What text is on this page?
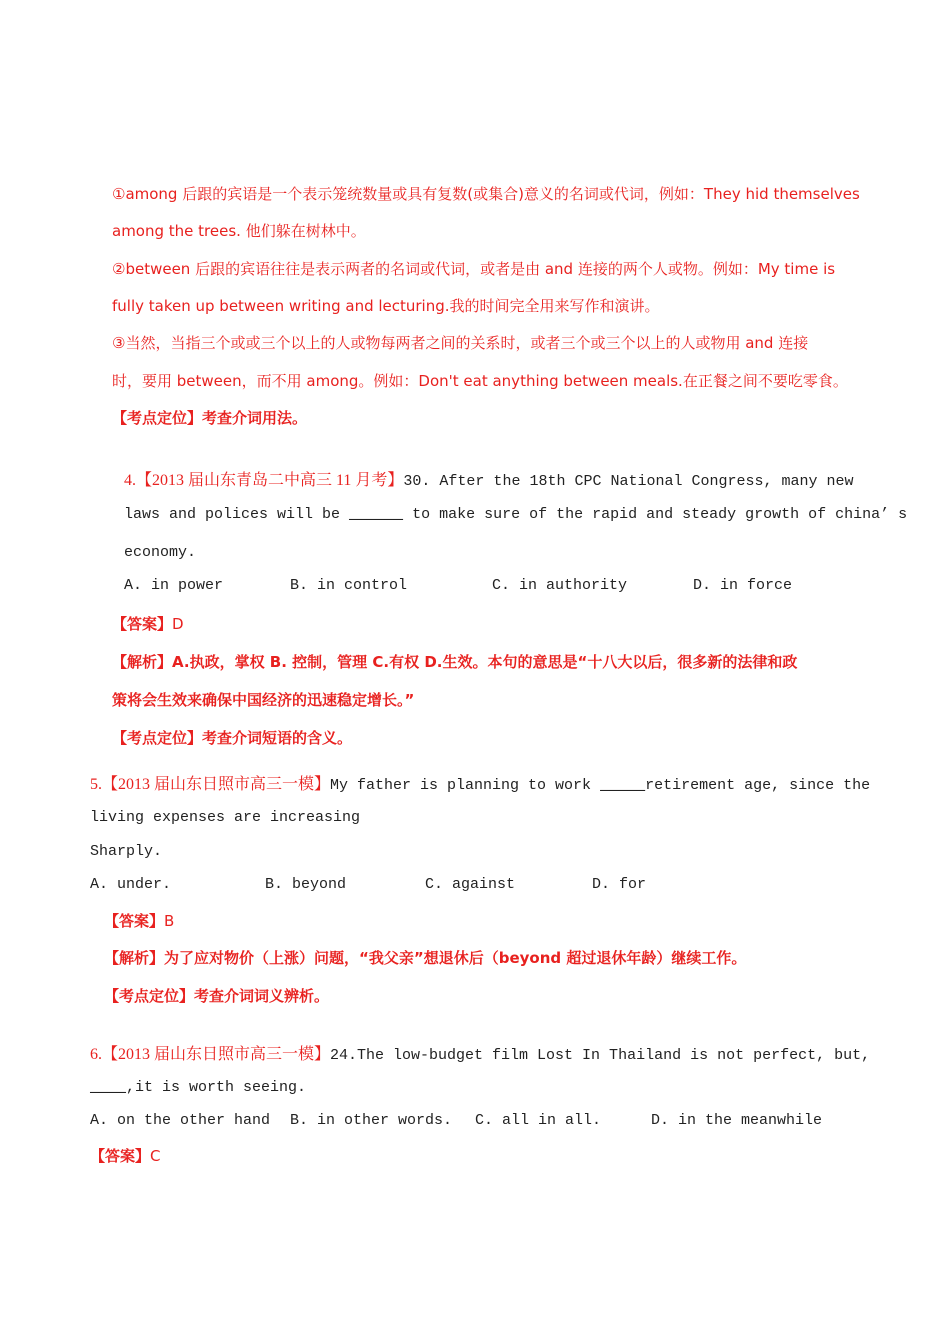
①among 后跟的宾语是一个表示笼统数量或具有复数(或集合)意义的名词或代词，例如：They hid themselves
among the trees. 他们躲在树林中。
②between 后跟的宾语往往是表示两者的名词或代词，或者是由 and 连接的两个人或物。例如：My time is
fully taken up between writing and lecturing.我的时间完全用来写作和演讲。
③当然，当指三个或或三个以上的人或物每两者之间的关系时，或者三个或三个以上的人或物用 and 连接
时，要用 between，而不用 among。例如：Don't eat anything between meals.在正餐之间不要吃零食。
【考点定位】考查介词用法。
4.【2013 届山东青岛二中高三 11 月考】30. After the 18th CPC National Congress, many new
laws and polices will be ______ to make sure of the rapid and steady growth of china’ s
economy.
A. in power	B. in control	C. in authority	D. in force
【答案】D
【解析】A.执政，掌权 B. 控制，管理 C.有权 D.生效。本句的意思是“十八大以后，很多新的法律和政
策将会生效来确保中国经济的迅速稳定增长。”
【考点定位】考查介词短语的含义。
5.【2013 届山东日照市高三一模】My father is planning to work _____retirement age, since the
living expenses are increasing
Sharply.
A. under.	B. beyond	C. against	D. for
【答案】B
【解析】为了应对物价（上涨）问题，“我父亲”想退休后（beyond 超过退休年龄）继续工作。
【考点定位】考查介词词义辨析。
6.【2013 届山东日照市高三一模】24.The low-budget film Lost In Thailand is not perfect, but,
____,it is worth seeing.
A. on the other hand B. in other words. C. all in all.	D. in the meanwhile
【答案】C
